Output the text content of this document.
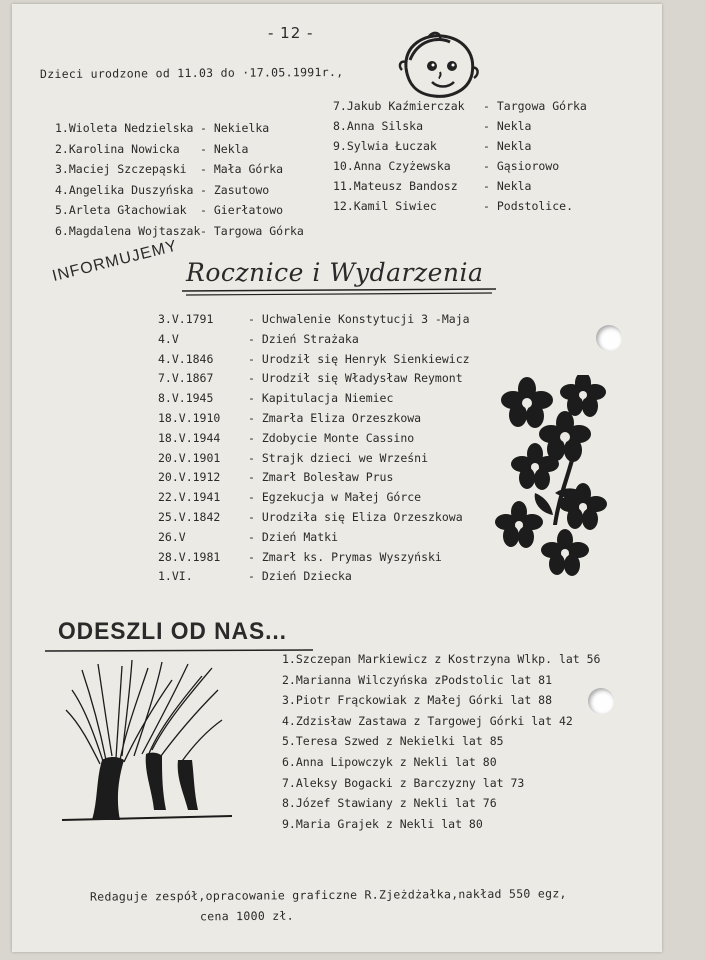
- 12 -
Dzieci urodzone od 11.03 do ·17.05.1991r.,
1.Wioleta Nedzielska - Nekielka
2.Karolina Nowicka - Nekla
3.Maciej Szczepąski - Mała Górka
4.Angelika Duszyńska - Zasutowo
5.Arleta Głachowiak - Gierłatowo
6.Magdalena Wojtaszak- Targowa Górka
7.Jakub Kaźmierczak - Targowa Górka
8.Anna Silska	- Nekla
9.Sylwia Łuczak	- Nekla
10.Anna Czyżewska	- Gąsiorowo
11.Mateusz Bandosz - Nekla
12.Kamil Siwiec	- Podstolice.
INFORMUJEMY Rocznice i Wydarzenia
3.V.1791	- Uchwalenie Konstytucji 3 -Maja
4.V	- Dzień Strażaka
4.V.1846	- Urodził się Henryk Sienkiewicz
7.V.1867	- Urodził się Władysław Reymont
8.V.1945	- Kapitulacja Niemiec
18.V.1910 - Zmarła Eliza Orzeszkowa
18.V.1944 - Zdobycie Monte Cassino
20.V.1901 - Strajk dzieci we Wrześni
20.V.1912 - Zmarł Bolesław Prus
22.V.1941 - Egzekucja w Małej Górce
25.V.1842 - Urodziła się Eliza Orzeszkowa
26.V	- Dzień Matki
28.V.1981 - Zmarł ks. Prymas Wyszyński
1.VI.	- Dzień Dziecka
ODESZLI OD NAS...
1.Szczepan Markiewicz z Kostrzyna Wlkp. lat 56
2.Marianna Wilczyńska zPodstolic lat 81
3.Piotr Frąckowiak z Małej Górki lat 88
4.Zdzisław Zastawa z Targowej Górki lat 42
5.Teresa Szwed z Nekielki lat 85
6.Anna Lipowczyk z Nekli lat 80
7.Aleksy Bogacki z Barczyzny lat 73
8.Józef Stawiany z Nekli lat 76
9.Maria Grajek z Nekli lat 80
Redaguje zespół,opracowanie graficzne R.Zjeżdżałka,nakład 550 egz,
cena 1000 zł.
